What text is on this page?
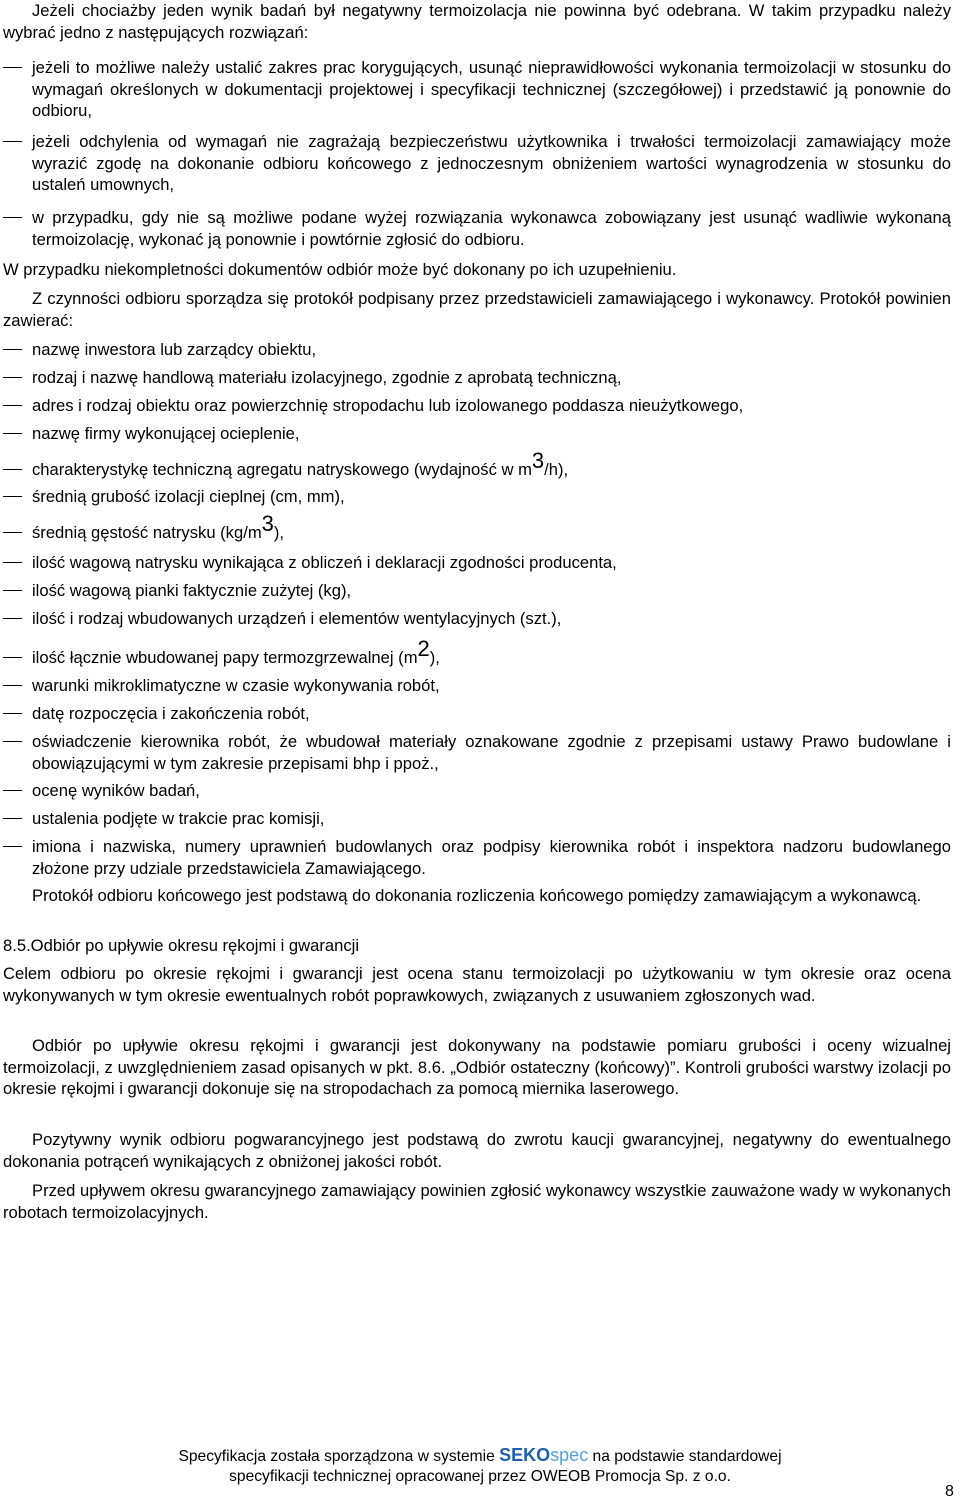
Jeżeli chociażby jeden wynik badań był negatywny termoizolacja nie powinna być odebrana. W takim przypadku należy wybrać jedno z następujących rozwiązań:

jeżeli to możliwe należy ustalić zakres prac korygujących, usunąć nieprawidłowości wykonania termoizolacji w stosunku do wymagań określonych w dokumentacji projektowej i specyfikacji technicznej (szczegółowej) i przedstawić ją ponownie do odbioru,

jeżeli odchylenia od wymagań nie zagrażają bezpieczeństwu użytkownika i trwałości termoizolacji zamawiający może wyrazić zgodę na dokonanie odbioru końcowego z jednoczesnym obniżeniem wartości wynagrodzenia w stosunku do ustaleń umownych,

w przypadku, gdy nie są możliwe podane wyżej rozwiązania wykonawca zobowiązany jest usunąć wadliwie wykonaną termoizolację, wykonać ją ponownie i powtórnie zgłosić do odbioru.

W przypadku niekompletności dokumentów odbiór może być dokonany po ich uzupełnieniu.

Z czynności odbioru sporządza się protokół podpisany przez przedstawicieli zamawiającego i wykonawcy. Protokół powinien zawierać:

nazwę inwestora lub zarządcy obiektu,

rodzaj i nazwę handlową materiału izolacyjnego, zgodnie z aprobatą techniczną,

adres i rodzaj obiektu oraz powierzchnię stropodachu lub izolowanego poddasza nieużytkowego,

nazwę firmy wykonującej ocieplenie,

charakterystykę techniczną agregatu natryskowego (wydajność w m3/h),

średnią grubość izolacji cieplnej (cm, mm),

średnią gęstość natrysku (kg/m3),

ilość wagową natrysku wynikająca z obliczeń i deklaracji zgodności producenta,

ilość wagową pianki faktycznie zużytej (kg),

ilość i rodzaj wbudowanych urządzeń i elementów wentylacyjnych (szt.),

ilość łącznie wbudowanej papy termozgrzewalnej (m2),

warunki mikroklimatyczne w czasie wykonywania robót,

datę rozpoczęcia i zakończenia robót,

oświadczenie kierownika robót, że wbudował materiały oznakowane zgodnie z przepisami ustawy Prawo budowlane i obowiązującymi w tym zakresie przepisami bhp i ppoż.,

ocenę wyników badań,

ustalenia podjęte w trakcie prac komisji,

imiona i nazwiska, numery uprawnień budowlanych oraz podpisy kierownika robót i inspektora nadzoru budowlanego złożone przy udziale przedstawiciela Zamawiającego.

Protokół odbioru końcowego jest podstawą do dokonania rozliczenia końcowego pomiędzy zamawiającym a wykonawcą.

8.5.Odbiór po upływie okresu rękojmi i gwarancji

Celem odbioru po okresie rękojmi i gwarancji jest ocena stanu termoizolacji po użytkowaniu w tym okresie oraz ocena wykonywanych w tym okresie ewentualnych robót poprawkowych, związanych z usuwaniem zgłoszonych wad.

Odbiór po upływie okresu rękojmi i gwarancji jest dokonywany na podstawie pomiaru grubości i oceny wizualnej termoizolacji, z uwzględnieniem zasad opisanych w pkt. 8.6. „Odbiór ostateczny (końcowy)”. Kontroli grubości warstwy izolacji po okresie rękojmi i gwarancji dokonuje się na stropodachach za pomocą miernika laserowego.

Pozytywny wynik odbioru pogwarancyjnego jest podstawą do zwrotu kaucji gwarancyjnej, negatywny do ewentualnego dokonania potrąceń wynikających z obniżonej jakości robót.

Przed upływem okresu gwarancyjnego zamawiający powinien zgłosić wykonawcy wszystkie zauważone wady w wykonanych robotach termoizolacyjnych.

Specyfikacja została sporządzona w systemie SEKOspec na podstawie standardowej
specyfikacji technicznej opracowanej przez OWEOB Promocja Sp. z o.o.
8
